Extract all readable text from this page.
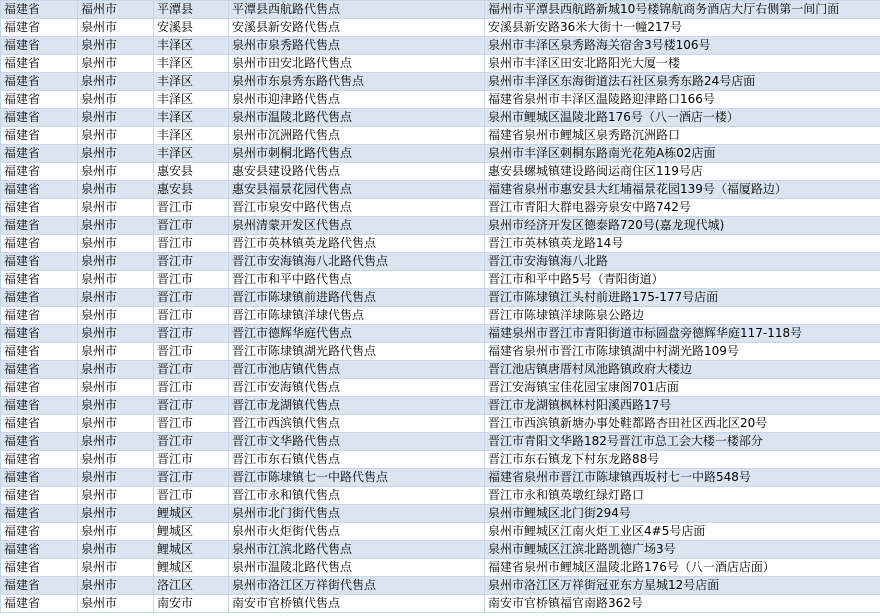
福建省	福州市	平潭县	平潭县西航路代售点	福州市平潭县西航路新城10号楼锦航商务酒店大厅右侧第一间门面
福建省	泉州市	安溪县	安溪县新安路代售点	安溪县新安路36米大街十一幢217号
福建省	泉州市	丰泽区	泉州市泉秀路代售点	泉州市丰泽区泉秀路海关宿舍3号楼106号
福建省	泉州市	丰泽区	泉州市田安北路代售点	泉州市丰泽区田安北路阳光大厦一楼
福建省	泉州市	丰泽区	泉州市东泉秀东路代售点	泉州市丰泽区东海街道法石社区泉秀东路24号店面
福建省	泉州市	丰泽区	泉州市迎津路代售点	福建省泉州市丰泽区温陵路迎津路口166号
福建省	泉州市	丰泽区	泉州市温陵北路代售点	泉州市鲤城区温陵北路176号（八一酒店一楼）
福建省	泉州市	丰泽区	泉州市沉洲路代售点	福建省泉州市鲤城区泉秀路沉洲路口
福建省	泉州市	丰泽区	泉州市刺桐北路代售点	泉州市丰泽区刺桐东路南光花苑A栋02店面
福建省	泉州市	惠安县	惠安县建设路代售点	惠安县螺城镇建设路闽运商住区119号店
福建省	泉州市	惠安县	惠安县福景花园代售点	福建省泉州市惠安县大红埔福景花园139号（福厦路边）
福建省	泉州市	晋江市	晋江市泉安中路代售点	晋江市青阳大群电器旁泉安中路742号
福建省	泉州市	晋江市	泉州清蒙开发区代售点	泉州市经济开发区德泰路720号(嘉龙现代城)
福建省	泉州市	晋江市	晋江市英林镇英龙路代售点	晋江市英林镇英龙路14号
福建省	泉州市	晋江市	晋江市安海镇海八北路代售点	晋江市安海镇海八北路
福建省	泉州市	晋江市	晋江市和平中路代售点	晋江市和平中路5号（青阳街道）
福建省	泉州市	晋江市	晋江市陈埭镇前进路代售点	晋江市陈埭镇江头村前进路175-177号店面
福建省	泉州市	晋江市	晋江市陈埭镇洋埭代售点	晋江市陈埭镇洋埭陈泉公路边
福建省	泉州市	晋江市	晋江市德辉华庭代售点	福建泉州市晋江市青阳街道市标圆盘旁德辉华庭117-118号
福建省	泉州市	晋江市	晋江市陈埭镇湖光路代售点	福建省泉州市晋江市陈埭镇湖中村湖光路109号
福建省	泉州市	晋江市	晋江市池店镇代售点	晋江池店镇唐厝村凤池路镇政府大楼边
福建省	泉州市	晋江市	晋江市安海镇代售点	晋江安海镇宝佳花园宝康阁701店面
福建省	泉州市	晋江市	晋江市龙湖镇代售点	晋江市龙湖镇枫林村阳溪西路17号
福建省	泉州市	晋江市	晋江市西滨镇代售点	晋江市西滨镇新塘办事处鞋都路杏田社区西北区20号
福建省	泉州市	晋江市	晋江市文华路代售点	晋江市青阳文华路182号晋江市总工会大楼一楼部分
福建省	泉州市	晋江市	晋江市东石镇代售点	晋江市东石镇龙下村东龙路88号
福建省	泉州市	晋江市	晋江市陈埭镇七一中路代售点	福建省泉州市晋江市陈埭镇西坂村七一中路548号
福建省	泉州市	晋江市	晋江市永和镇代售点	晋江市永和镇英墩红绿灯路口
福建省	泉州市	鲤城区	泉州市北门街代售点	泉州市鲤城区北门街294号
福建省	泉州市	鲤城区	泉州市火炬街代售点	泉州市鲤城区江南火炬工业区4#5号店面
福建省	泉州市	鲤城区	泉州市江滨北路代售点	泉州市鲤城区江滨北路凯德广场3号
福建省	泉州市	鲤城区	泉州市温陵北路代售点	福建省泉州市鲤城区温陵北路176号（八一酒店店面）
福建省	泉州市	洛江区	泉州市洛江区万祥街代售点	泉州市洛江区万祥街冠亚东方星城12号店面
福建省	泉州市	南安市	南安市官桥镇代售点	南安市官桥镇福官南路362号
